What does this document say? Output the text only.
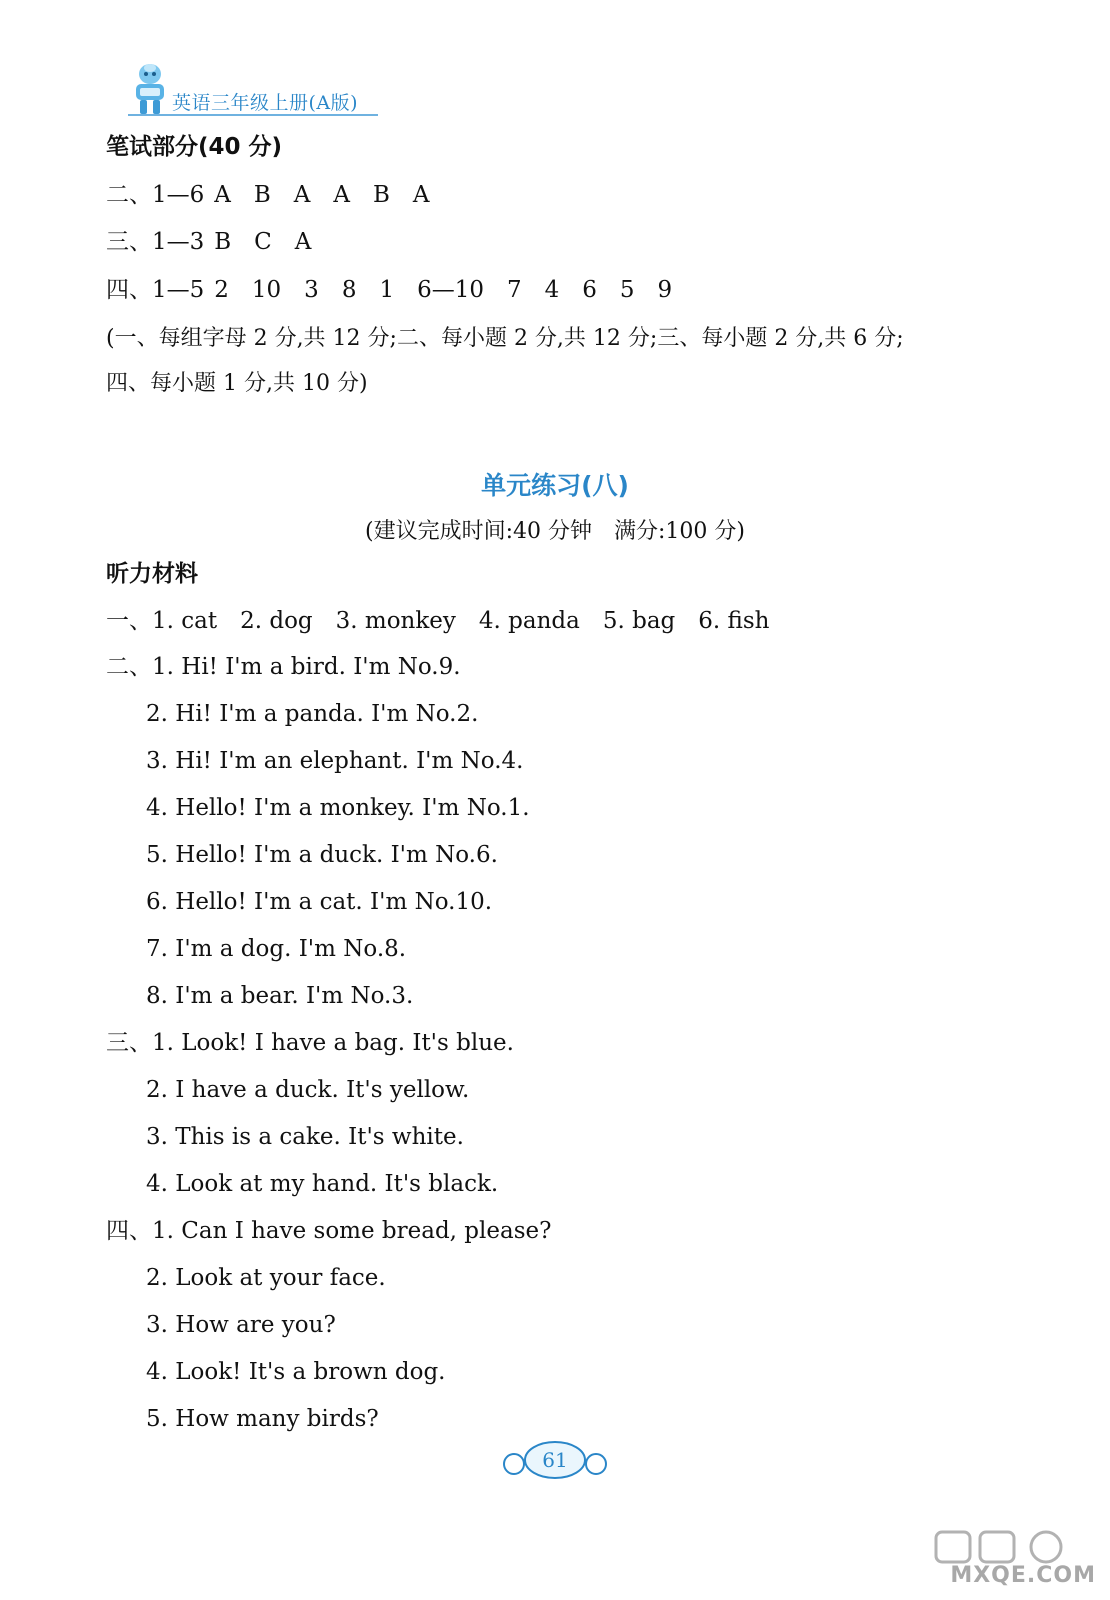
英语三年级上册(A版)
笔试部分(40 分)
二、1—6 A　B　A　A　B　A
三、1—3 B　C　A
四、1—5 2　10　3　8　1　6—10　7　4　6　5　9
(一、每组字母 2 分,共 12 分;二、每小题 2 分,共 12 分;三、每小题 2 分,共 6 分;
四、每小题 1 分,共 10 分)
单元练习(八)
(建议完成时间:40 分钟　满分:100 分)
听力材料
一、1. cat　2. dog　3. monkey　4. panda　5. bag　6. fish
二、1. Hi! I'm a bird. I'm No.9.
2. Hi! I'm a panda. I'm No.2.
3. Hi! I'm an elephant. I'm No.4.
4. Hello! I'm a monkey. I'm No.1.
5. Hello! I'm a duck. I'm No.6.
6. Hello! I'm a cat. I'm No.10.
7. I'm a dog. I'm No.8.
8. I'm a bear. I'm No.3.
三、1. Look! I have a bag. It's blue.
2. I have a duck. It's yellow.
3. This is a cake. It's white.
4. Look at my hand. It's black.
四、1. Can I have some bread, please?
2. Look at your face.
3. How are you?
4. Look! It's a brown dog.
5. How many birds?
61
MXQE.COM
